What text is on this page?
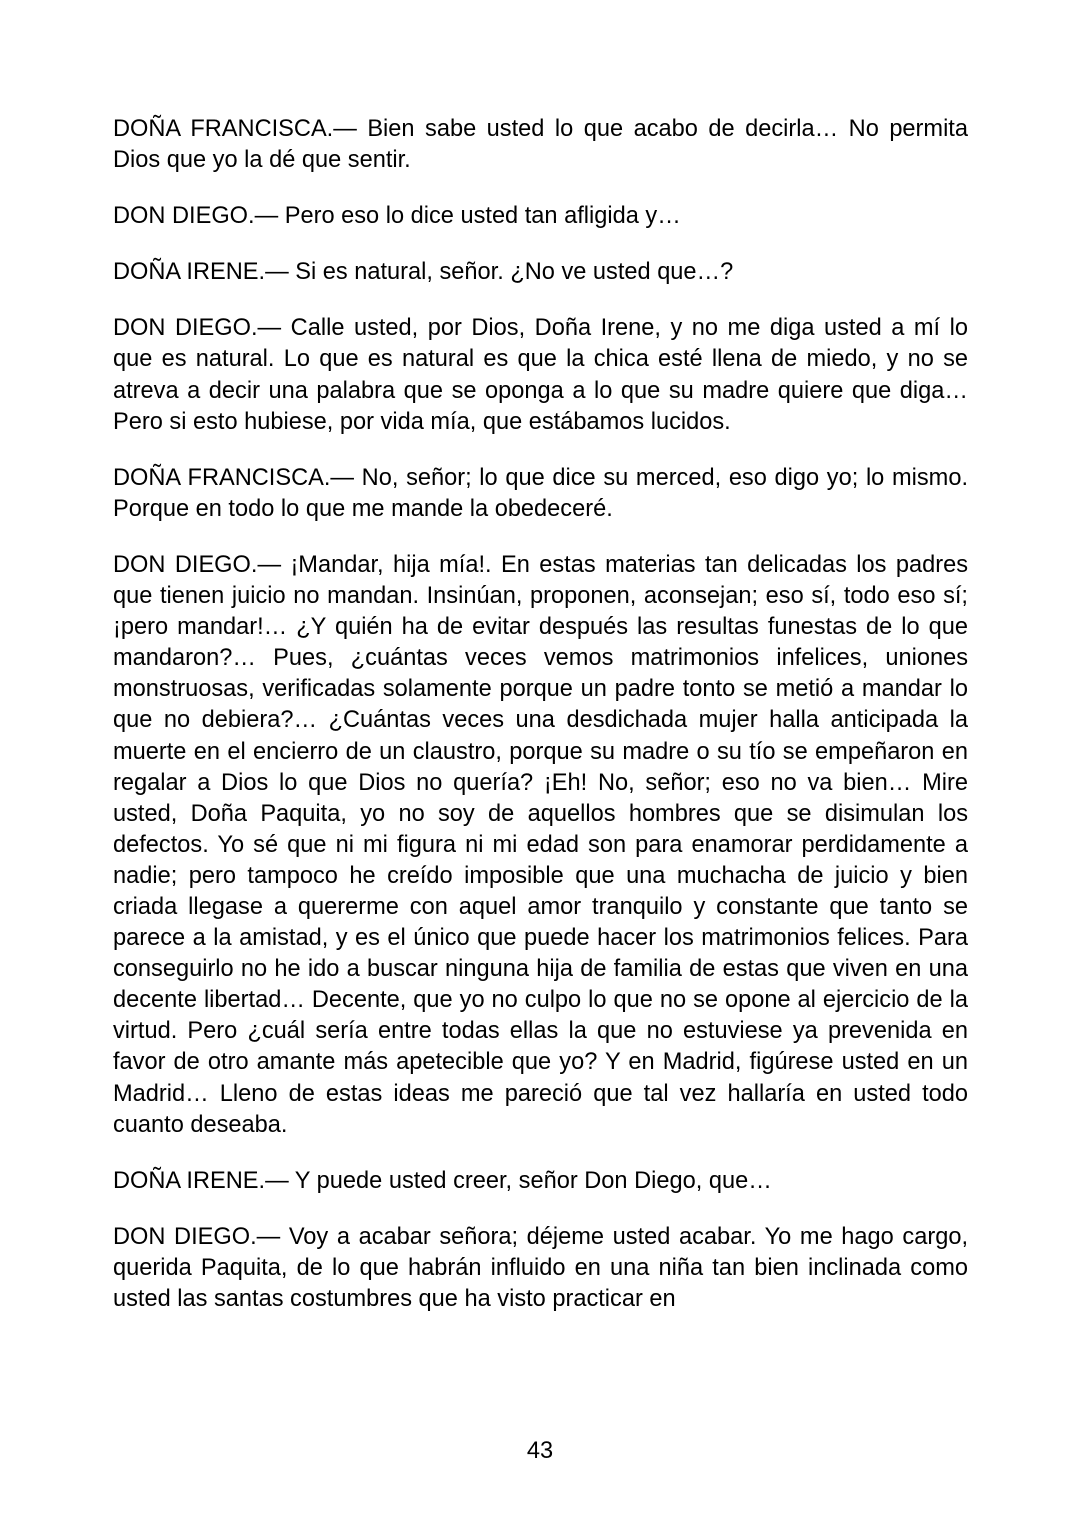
DOÑA FRANCISCA.— Bien sabe usted lo que acabo de decirla… No permita Dios que yo la dé que sentir.

DON DIEGO.— Pero eso lo dice usted tan afligida y…

DOÑA IRENE.— Si es natural, señor. ¿No ve usted que…?

DON DIEGO.— Calle usted, por Dios, Doña Irene, y no me diga usted a mí lo que es natural. Lo que es natural es que la chica esté llena de miedo, y no se atreva a decir una palabra que se oponga a lo que su madre quiere que diga… Pero si esto hubiese, por vida mía, que estábamos lucidos.

DOÑA FRANCISCA.— No, señor; lo que dice su merced, eso digo yo; lo mismo. Porque en todo lo que me mande la obedeceré.

DON DIEGO.— ¡Mandar, hija mía!. En estas materias tan delicadas los padres que tienen juicio no mandan. Insinúan, proponen, aconsejan; eso sí, todo eso sí; ¡pero mandar!… ¿Y quién ha de evitar después las resultas funestas de lo que mandaron?… Pues, ¿cuántas veces vemos matrimonios infelices, uniones monstruosas, verificadas solamente porque un padre tonto se metió a mandar lo que no debiera?… ¿Cuántas veces una desdichada mujer halla anticipada la muerte en el encierro de un claustro, porque su madre o su tío se empeñaron en regalar a Dios lo que Dios no quería? ¡Eh! No, señor; eso no va bien… Mire usted, Doña Paquita, yo no soy de aquellos hombres que se disimulan los defectos. Yo sé que ni mi figura ni mi edad son para enamorar perdidamente a nadie; pero tampoco he creído imposible que una muchacha de juicio y bien criada llegase a quererme con aquel amor tranquilo y constante que tanto se parece a la amistad, y es el único que puede hacer los matrimonios felices. Para conseguirlo no he ido a buscar ninguna hija de familia de estas que viven en una decente libertad… Decente, que yo no culpo lo que no se opone al ejercicio de la virtud. Pero ¿cuál sería entre todas ellas la que no estuviese ya prevenida en favor de otro amante más apetecible que yo? Y en Madrid, figúrese usted en un Madrid… Lleno de estas ideas me pareció que tal vez hallaría en usted todo cuanto deseaba.

DOÑA IRENE.— Y puede usted creer, señor Don Diego, que…

DON DIEGO.— Voy a acabar señora; déjeme usted acabar. Yo me hago cargo, querida Paquita, de lo que habrán influido en una niña tan bien inclinada como usted las santas costumbres que ha visto practicar en

43
